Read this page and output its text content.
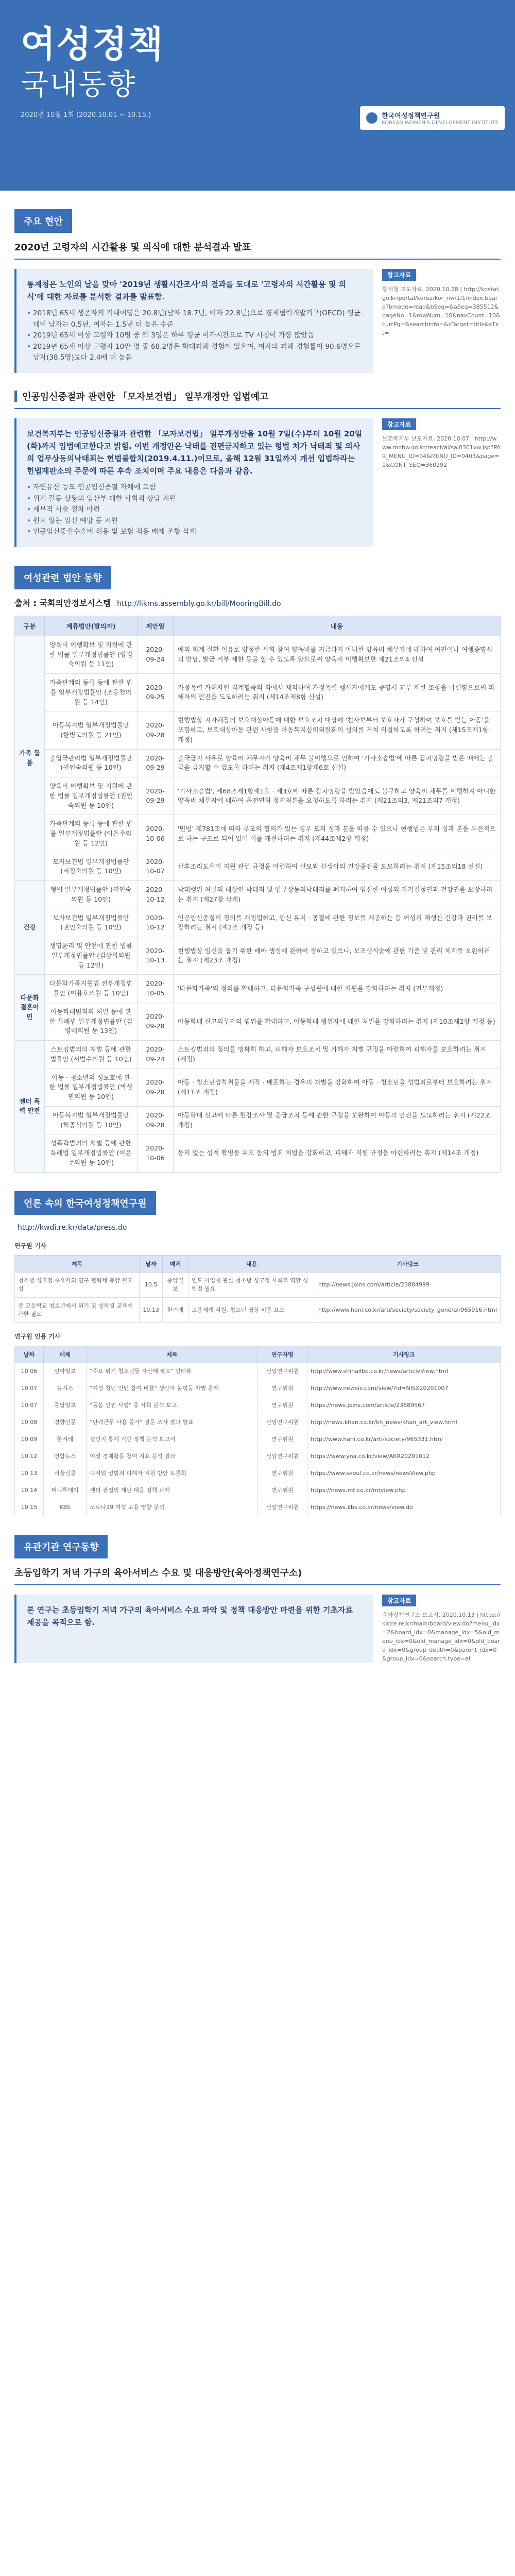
여성정책
국내동향
2020년 10월 1회 (2020.10.01 ~ 10.15.)	한국여성정책연구원
KOREAN WOMEN'S DEVELOPMENT INSTITUTE
주요 현안
2020년 고령자의 시간활용 및 의식에 대한 분석결과 발표
통계청은 노인의 날을 맞아 '2019년 생활시간조사'의 결과를 토대로 '고령자의 시간활용 및 의식'에 대한 자료를 분석한 결과를 발표함.
• 2018년 65세 생존자의 기대여명은 20.8년(남자 18.7년, 여자 22.8년)으로 경제협력개발기구(OECD) 평균 대비 남자는 0.5년, 여자는 1.5년 더 높은 수준
• 2019년 65세 이상 고령자 10명 중 약 3명은 하루 평균 여가시간으로 TV 시청이 가장 많았음
• 2019년 65세 이상 고령자 10만 명 중 68.2명은 학대피해 경험이 있으며, 여자의 피해 경험률이 90.6명으로 남자(38.5명)보다 2.4배 더 높음
참고자료
통계청 보도자료, 2020.10.28 | http://kostat.go.kr/portal/korea/kor_nw/1/1/index.board?bmode=read&bSeq=&aSeq=385512&pageNo=1&rowNum=10&navCount=10&currPg=&searchInfo=&sTarget=title&sTxt=
인공임신중절과 관련한 「모자보건법」 일부개정안 입법예고
보건복지부는 인공임신중절과 관련한 「모자보건법」 일부개정안을 10월 7일(수)부터 10월 20일(화)까지 입법예고한다고 밝힘. 이번 개정안은 낙태를 전면금지하고 있는 형법 처가 낙태죄 및 의사의 업무상동의낙태죄는 헌법불합치(2019.4.11.)이므로, 올해 12월 31일까지 개선 입법하라는 헌법재판소의 주문에 따른 후속 조치이며 주요 내용은 다음과 같음.
• 자연유산 등도 인공임신중절 자체에 포함
• 위기 갈등 상황의 임산부 대한 사회적 상담 지원
• 세부적 시술 절차 마련
• 원치 않는 임신 예방 등 지원
• 인공임신중절수술비 허용 및 보험 적용 배제 조항 삭제
참고자료
보건복지부 보도자료, 2020.10.07 | http://www.mohw.go.kr/react/al/sal0301vw.jsp?PAR_MENU_ID=04&MENU_ID=0403&page=1&CONT_SEQ=360292
여성관련 법안 동향
출처 : 국회의안정보시스템 http://likms.assembly.go.kr/bill/MooringBill.do
구분	계류법안(발의자)	제안일	내용
가족 돌봄	양육비 이행확보 및 지원에 관한 법률 일부개정법률안 (양경숙의원 등 11인)	2020-09-24	예외 회계 질환 이유로 양정한 사회 참여 양육비를 지급하지 아니한 양육비 채무자에 대하여 여권이나 여행증명서의 반납, 발급 거부 제한 등을 할 수 있도록 함으로써 양육비 이행확보한 제21조의4 신설
	가족관계의 등록 등에 관한 법률 일부개정법률안 (조응천의원 등 14인)	2020-09-25	가정폭력 가해자인 직계혈족의 외에서 제외하여 가정폭력 행사자에게도 증명서 교부 제한 조항을 마련함으로써 피해자의 안전을 도모하려는 취지 (제14조제8항 신설)
	아동복지법 일부개정법률안 (한병도의원 등 21인)	2020-09-28	현행법상 지자체장의 보호대상아동에 대한 보호조치 대상에 '친사보부터 보호자가 구성하여 보호를 받는 아동'을 포함하고, 보호대상아동 관련 사항을 아동복지심의위원회의 심의를 거쳐 의결하도록 하려는 취지 (제15조제1항 개정)
	출입국관리법 일부개정법률안 (권인숙의원 등 10인)	2020-09-29	출국금지 사유로 양육비 채무자가 양육비 채무 불이행으로 인하여 '가사소송법'에 따른 감치명령을 받은 때에는 출국을 금지할 수 있도록 하려는 취지 (제4조제1항제6호 신설)
	양육비 이행확보 및 지원에 관한 법률 일부개정법률안 (권인숙의원 등 10인)	2020-09-29	'가사소송법', 제68조제1항제1호 · 제3호에 따른 감치명령을 받았음에도 불구하고 양육비 채무를 이행하지 아니한 양육비 채무자에 대하여 운전면허 정지처분을 요청하도록 하려는 취지 (제21조의3, 제21조의7 개정)
	가족관계의 등록 등에 관한 법률 일부개정법률안 (이은주의원 등 12인)	2020-10-06	'민법' 제781조에 따라 부모의 협의가 있는 경우 모의 성과 본을 따를 수 있으나 현행법은 부의 성과 본을 우선적으로 하는 구조로 되어 있어 이를 개선하려는 취지 (제44조제2항 개정)
	모자보건법 일부개정법률안 (서정숙의원 등 10인)	2020-10-07	산후조리도우미 지원 관련 규정을 마련하여 산모와 신생아의 건강증진을 도모하려는 취지 (제15조의18 신설)
건강	형법 일부개정법률안 (권인숙의원 등 10인)	2020-10-12	낙태행위 처벌의 대상인 낙태죄 및 업무상동의낙태죄를 폐지하여 임신한 여성의 자기결정권과 건강권을 보장하려는 취지 (제27장 삭제)
	모자보건법 일부개정법률안 (권인숙의원 등 10인)	2020-10-12	인공임신중절의 정의를 재정립하고, 임신 유지 · 종결에 관한 정보를 제공하는 등 여성의 재생산 건강과 권리를 보장하려는 취지 (제2조 개정 등)
	생명윤리 및 안전에 관한 법률 일부개정법률안 (김상희의원 등 12인)	2020-10-13	현행법상 임신을 돕기 위한 배아 생성에 관하여 정하고 있으나, 보조생식술에 관한 기준 및 관리 체계를 보완하려는 취지 (제23조 개정)
다문화 결혼이민	다문화가족지원법 전부개정법률안 (이용호의원 등 10인)	2020-10-05	'다문화가족'의 정의를 확대하고, 다문화가족 구성원에 대한 지원을 강화하려는 취지 (전부개정)
	아동학대범죄의 처벌 등에 관한 특례법 일부개정법률안 (김영배의원 등 13인)	2020-09-28	아동학대 신고의무자의 범위를 확대하고, 아동학대 행위자에 대한 처벌을 강화하려는 취지 (제10조제2항 개정 등)
젠더 폭력 안전	스토킹범죄의 처벌 등에 관한 법률안 (서범수의원 등 10인)	2020-09-24	스토킹범죄의 정의를 명확히 하고, 피해자 보호조치 및 가해자 처벌 규정을 마련하여 피해자를 보호하려는 취지 (제정)
	아동 · 청소년의 성보호에 관한 법률 일부개정법률안 (박성민의원 등 10인)	2020-09-28	아동 · 청소년성착취물을 제작 · 배포하는 경우의 처벌을 강화하여 아동 · 청소년을 성범죄로부터 보호하려는 취지 (제11조 개정)
	아동복지법 일부개정법률안 (허종식의원 등 10인)	2020-09-28	아동학대 신고에 따른 현장조사 및 응급조치 등에 관한 규정을 보완하여 아동의 안전을 도모하려는 취지 (제22조 개정)
	성폭력범죄의 처벌 등에 관한 특례법 일부개정법률안 (이은주의원 등 10인)	2020-10-06	동의 없는 성적 촬영물 유포 등의 범죄 처벌을 강화하고, 피해자 지원 규정을 마련하려는 취지 (제14조 개정)
언론 속의 한국여성정책연구원
http://kwdi.re.kr/data/press.do
연구원 기사
제목	날짜	매체	내용	기사링크
청소년 성고정 수요자의 연구 협력체 총감 필요성	10.5	중앙일보	인도 사업에 관한 청소년 성고정 사회적 역할 성 인정 필요	http://news.joins.com/article/23884999
중 고등학교 청소년에서 위기 및 성차별 교육에 관한 필요	10.13	한겨레	고용세계 지원, 청소년 영상 비중 요소	http://www.hani.co.kr/arti/society/society_general/965916.html
연구원 인용 기사
날짜	매체	제목	연구자명	기사링크
10.06	신아일보	"주요 위기 청소년들 자산에 필요" 인터뷰	선임연구위원	http://www.shinailbo.co.kr/news/articleView.html
10.07	뉴시스	"여성 청년 인턴 참여 비율" 생산자 불평등 차별 존재	연구위원	http://www.newsis.com/view/?id=NISX20201007
10.07	중앙일보	"돌봄 인권 사업" 중 사회 분석 보고	연구위원	https://news.joins.com/article/23889567
10.08	경향신문	"탄력근무 사용 증가" 설문 조사 결과 발표	선임연구위원	http://news.khan.co.kr/kh_news/khan_art_view.html
10.09	한겨레	성인지 통계 기반 정책 분석 보고서	연구위원	http://www.hani.co.kr/arti/society/965331.html
10.12	연합뉴스	여성 경제활동 참여 지표 분석 결과	선임연구위원	https://www.yna.co.kr/view/AKR20201012
10.13	서울신문	디지털 성범죄 피해자 지원 방안 토론회	연구위원	https://www.seoul.co.kr/news/newsView.php
10.14	머니투데이	젠더 관점의 재난 대응 정책 과제	연구위원	https://news.mt.co.kr/mtview.php
10.15	KBS	코로나19 여성 고용 영향 분석	선임연구위원	https://news.kbs.co.kr/news/view.do
유관기관 연구동향
초등입학기 저녁 가구의 육아서비스 수요 및 대응방안(육아정책연구소)
본 연구는 초등입학기 저녁 가구의 육아서비스 수요 파악 및 정책 대응방안 마련을 위한 기초자료 제공을 목적으로 함.
참고자료
육아정책연구소 보고서, 2020.10.13 | https://kicce.re.kr/main/board/view.do?menu_idx=2&board_idx=0&manage_idx=5&old_menu_idx=0&old_manage_idx=0&old_board_idx=0&group_depth=0&parent_idx=0&group_idx=0&search.type=all
